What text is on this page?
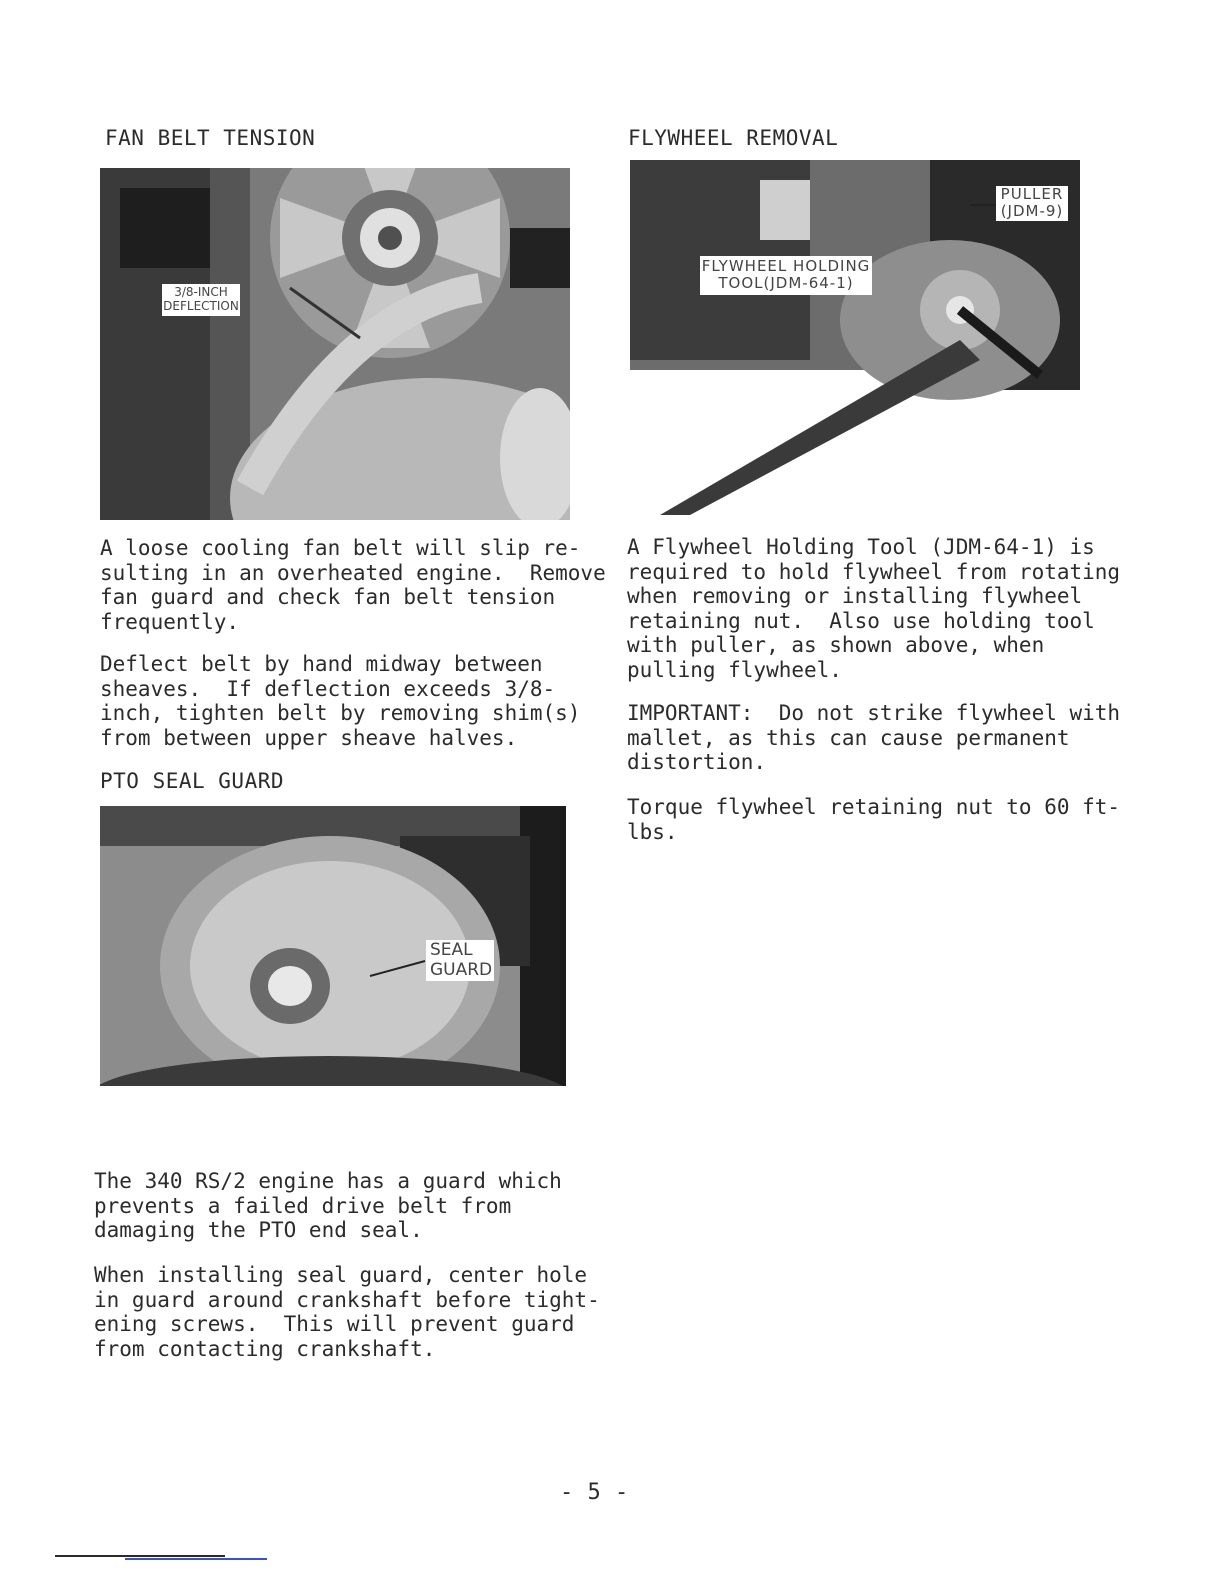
FAN BELT TENSION
3/8-INCH
DEFLECTION
A loose cooling fan belt will slip re-
sulting in an overheated engine.  Remove
fan guard and check fan belt tension
frequently.
Deflect belt by hand midway between
sheaves.  If deflection exceeds 3/8-
inch, tighten belt by removing shim(s)
from between upper sheave halves.
PTO SEAL GUARD
SEAL
GUARD
The 340 RS/2 engine has a guard which
prevents a failed drive belt from
damaging the PTO end seal.
When installing seal guard, center hole
in guard around crankshaft before tight-
ening screws.  This will prevent guard
from contacting crankshaft.
FLYWHEEL REMOVAL
PULLER
(JDM-9)
FLYWHEEL HOLDING
TOOL(JDM-64-1)
A Flywheel Holding Tool (JDM-64-1) is
required to hold flywheel from rotating
when removing or installing flywheel
retaining nut.  Also use holding tool
with puller, as shown above, when
pulling flywheel.
IMPORTANT:  Do not strike flywheel with
mallet, as this can cause permanent
distortion.
Torque flywheel retaining nut to 60 ft-
lbs.
- 5 -
